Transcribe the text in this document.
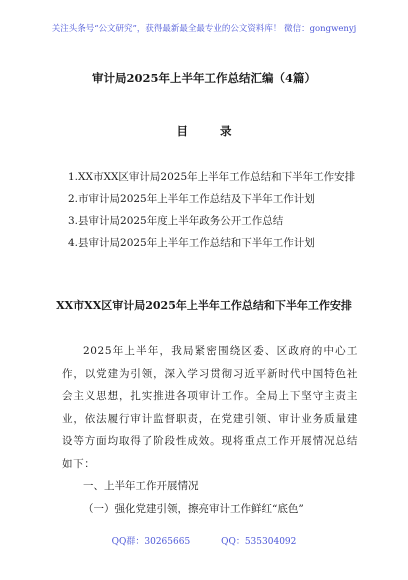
关注头条号“公文研究”，获得最新最全最专业的公文资料库！ 微信：gongwenyj
审计局2025年上半年工作总结汇编（4篇）
目 录

1.XX市XX区审计局2025年上半年工作总结和下半年工作安排

2.市审计局2025年上半年工作总结及下半年工作计划

3.县审计局2025年度上半年政务公开工作总结

4.县审计局2025年上半年工作总结和下半年工作计划

XX市XX区审计局2025年上半年工作总结和下半年工作安排
2025年上半年，我局紧密围绕区委、区政府的中心工作，以党建为引领，深入学习贯彻习近平新时代中国特色社会主义思想，扎实推进各项审计工作。全局上下坚守主责主业，依法履行审计监督职责，在党建引领、审计业务质量建设等方面均取得了阶段性成效。现将重点工作开展情况总结如下：
一、上半年工作开展情况
（一）强化党建引领，擦亮审计工作鲜红“底色”
QQ群：30265665	QQ：535304092
